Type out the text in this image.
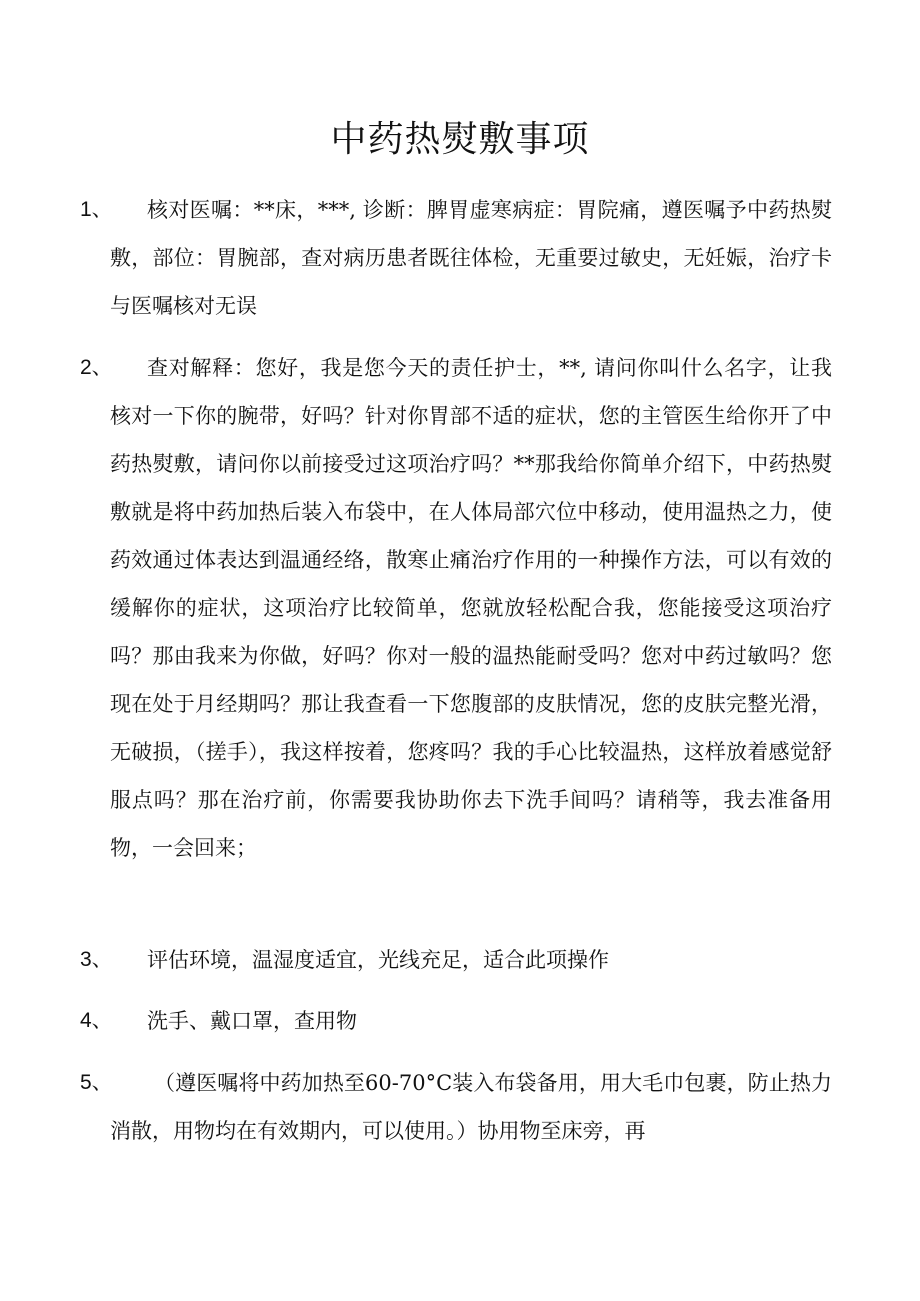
中药热熨敷事项
1、	核对医嘱：**床，***, 诊断：脾胃虚寒病症：胃院痛，遵医嘱予中药热熨敷，部位：胃腕部，查对病历患者既往体检，无重要过敏史，无妊娠，治疗卡与医嘱核对无误

2、	查对解释：您好，我是您今天的责任护士，**, 请问你叫什么名字，让我核对一下你的腕带，好吗？针对你胃部不适的症状，您的主管医生给你开了中药热熨敷，请问你以前接受过这项治疗吗？**那我给你简单介绍下，中药热熨敷就是将中药加热后装入布袋中，在人体局部穴位中移动，使用温热之力，使药效通过体表达到温通经络，散寒止痛治疗作用的一种操作方法，可以有效的缓解你的症状，这项治疗比较简单，您就放轻松配合我，您能接受这项治疗吗？那由我来为你做，好吗？你对一般的温热能耐受吗？您对中药过敏吗？您现在处于月经期吗？那让我查看一下您腹部的皮肤情况，您的皮肤完整光滑，无破损，（搓手），我这样按着，您疼吗？我的手心比较温热，这样放着感觉舒服点吗？那在治疗前，你需要我协助你去下洗手间吗？请稍等，我去准备用物，一会回来；

3、	评估环境，温湿度适宜，光线充足，适合此项操作

4、	洗手、戴口罩，查用物

5、	（遵医嘱将中药加热至60-70°C装入布袋备用，用大毛巾包裹，防止热力消散，用物均在有效期内，可以使用。）协用物至床旁，再
